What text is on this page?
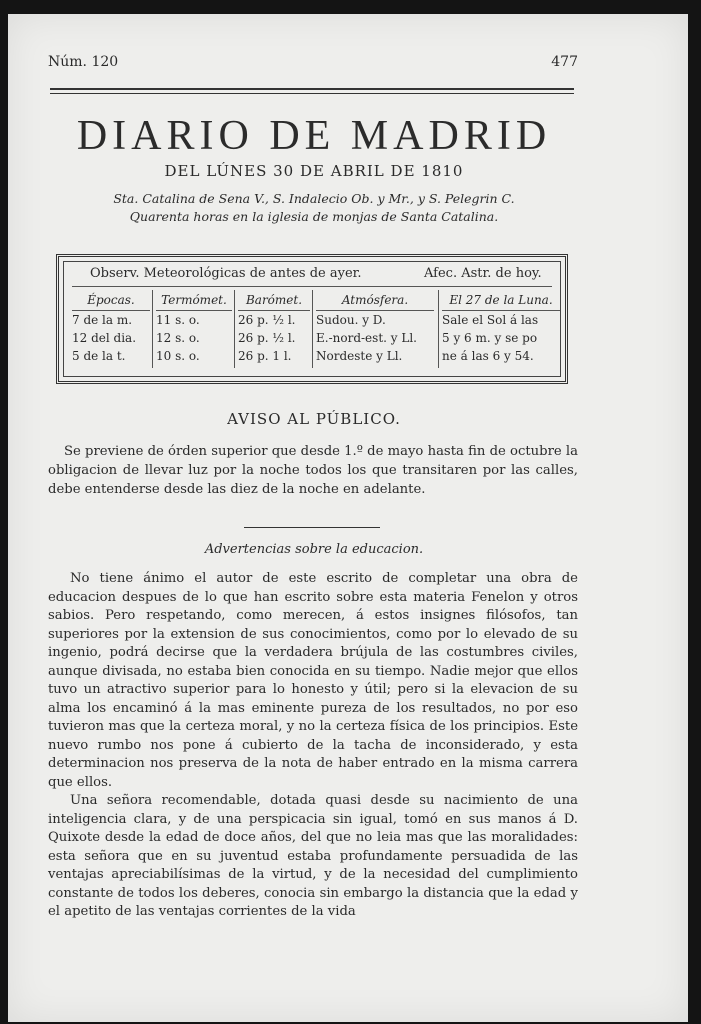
Núm. 120	477
DIARIO DE MADRID
DEL LÚNES 30 DE ABRIL DE 1810
Sta. Catalina de Sena V., S. Indalecio Ob. y Mr., y S. Pelegrin C.
Quarenta horas en la iglesia de monjas de Santa Catalina.
Observ. Meteorológicas de antes de ayer.	Afec. Astr. de hoy.
Épocas.
7 de la m.
12 del dia.
5 de la t.
Termómet.
11 s. o.
12 s. o.
10 s. o.
Barómet.
26 p. ½ l.
26 p. ½ l.
26 p. 1 l.
Atmósfera.
Sudou. y D.
E.-nord-est. y Ll.
Nordeste y Ll.
El 27 de la Luna.
Sale el Sol á las
5 y 6 m. y se po
ne á las 6 y 54.
AVISO AL PÚBLICO.
Se previene de órden superior que desde 1.º de mayo hasta fin de octubre la obligacion de llevar luz por la noche todos los que transitaren por las calles, debe entenderse desde las diez de la noche en adelante.
Advertencias sobre la educacion.

No tiene ánimo el autor de este escrito de completar una obra de educacion despues de lo que han escrito sobre esta materia Fenelon y otros sabios. Pero respetando, como merecen, á estos insignes filósofos, tan superiores por la extension de sus conocimientos, como por lo elevado de su ingenio, podrá decirse que la verdadera brújula de las costumbres civiles, aunque divisada, no estaba bien conocida en su tiempo. Nadie mejor que ellos tuvo un atractivo superior para lo honesto y útil; pero si la elevacion de su alma los encaminó á la mas eminente pureza de los resultados, no por eso tuvieron mas que la certeza moral, y no la certeza física de los principios. Este nuevo rumbo nos pone á cubierto de la tacha de inconsiderado, y esta determinacion nos preserva de la nota de haber entrado en la misma carrera que ellos.

Una señora recomendable, dotada quasi desde su nacimiento de una inteligencia clara, y de una perspicacia sin igual, tomó en sus manos á D. Quixote desde la edad de doce años, del que no leia mas que las moralidades: esta señora que en su juventud estaba profundamente persuadida de las ventajas apreciabilísimas de la virtud, y de la necesidad del cumplimiento constante de todos los deberes, conocia sin embargo la distancia que la edad y el apetito de las ventajas corrientes de la vida
